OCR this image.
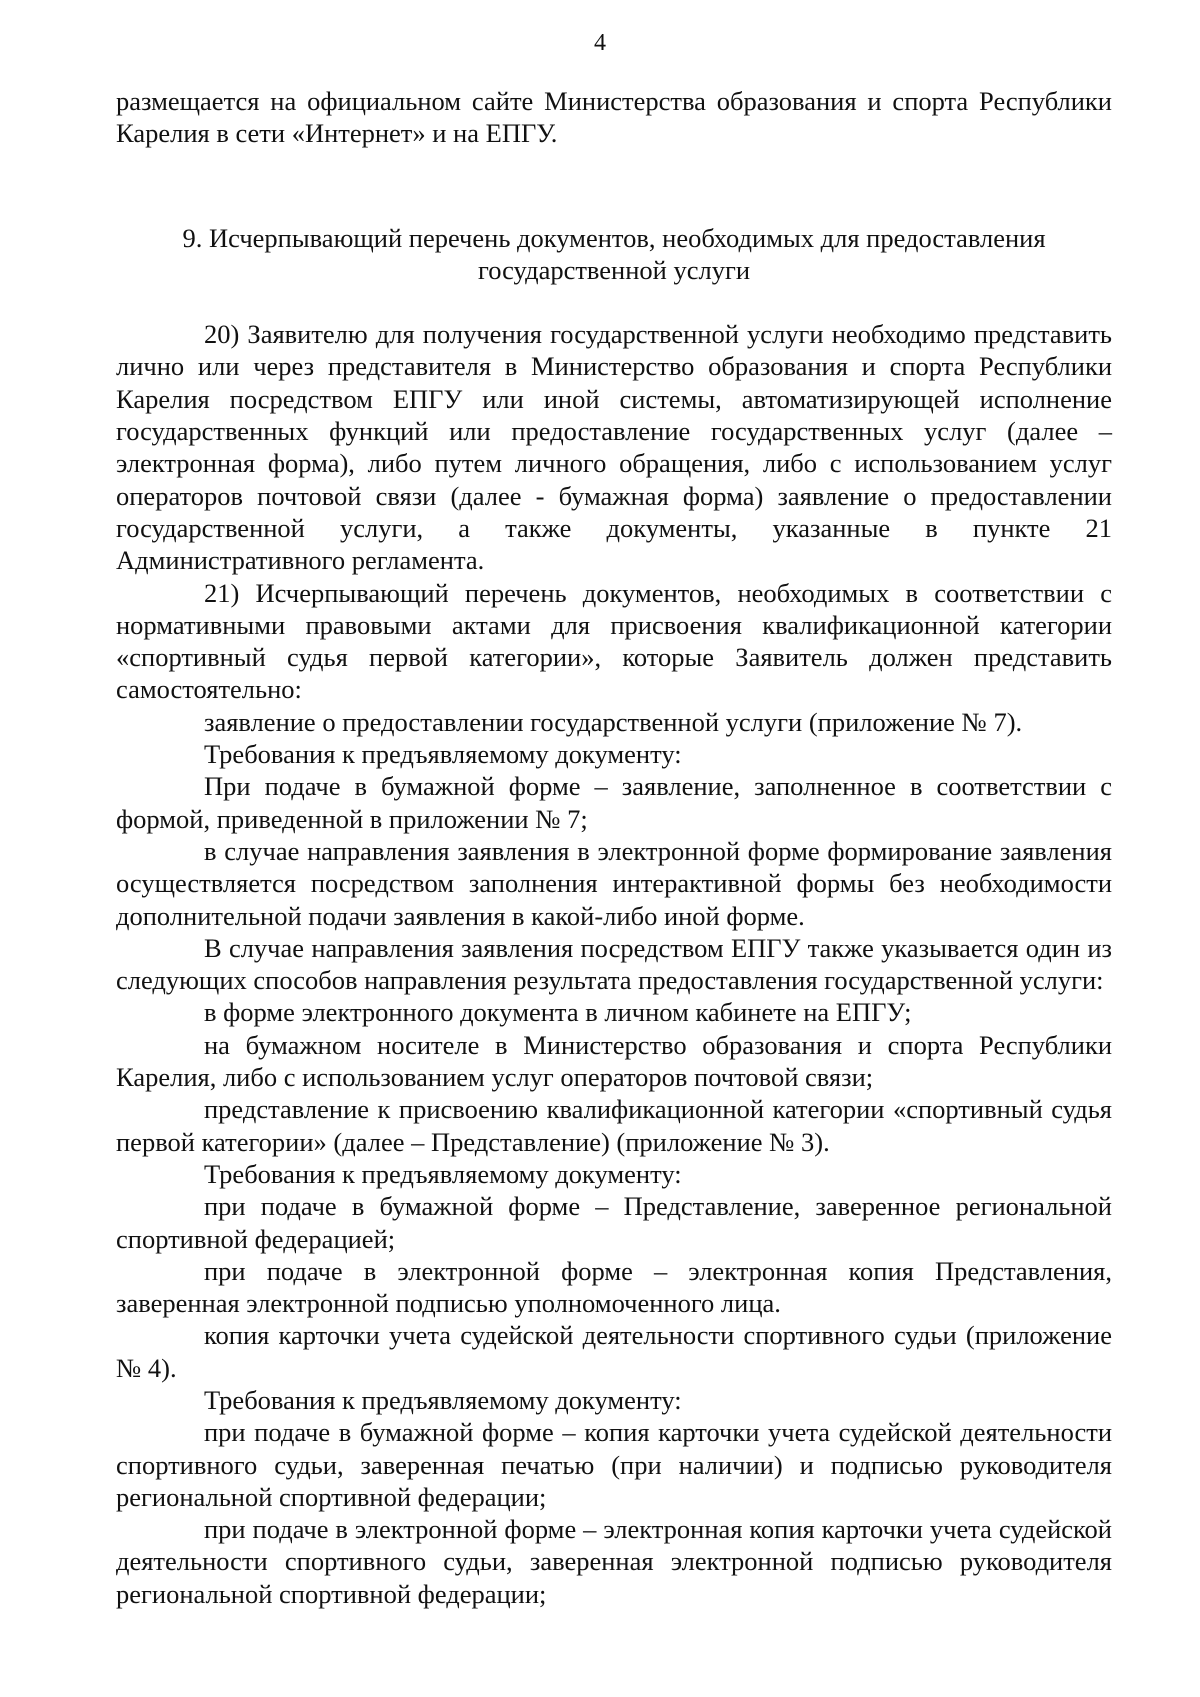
4

размещается на официальном сайте Министерства образования и спорта Республики Карелия в сети «Интернет» и на ЕПГУ.

9. Исчерпывающий перечень документов, необходимых для предоставления
государственной услуги

20) Заявителю для получения государственной услуги необходимо представить лично или через представителя в Министерство образования и спорта Республики Карелия посредством ЕПГУ или иной системы, автоматизирующей исполнение государственных функций или предоставление государственных услуг (далее – электронная форма), либо путем личного обращения, либо с использованием услуг операторов почтовой связи (далее - бумажная форма) заявление о предоставлении государственной услуги, а также документы, указанные в пункте 21 Административного регламента.

21) Исчерпывающий перечень документов, необходимых в соответствии с нормативными правовыми актами для присвоения квалификационной категории «спортивный судья первой категории», которые Заявитель должен представить самостоятельно:

заявление о предоставлении государственной услуги (приложение № 7).

Требования к предъявляемому документу:

При подаче в бумажной форме – заявление, заполненное в соответствии с формой, приведенной в приложении № 7;

в случае направления заявления в электронной форме формирование заявления осуществляется посредством заполнения интерактивной формы без необходимости дополнительной подачи заявления в какой-либо иной форме.

В случае направления заявления посредством ЕПГУ также указывается один из следующих способов направления результата предоставления государственной услуги:

в форме электронного документа в личном кабинете на ЕПГУ;

на бумажном носителе в Министерство образования и спорта Республики Карелия, либо с использованием услуг операторов почтовой связи;

представление к присвоению квалификационной категории «спортивный судья первой категории» (далее – Представление) (приложение № 3).

Требования к предъявляемому документу:

при подаче в бумажной форме – Представление, заверенное региональной спортивной федерацией;

при подаче в электронной форме – электронная копия Представления, заверенная электронной подписью уполномоченного лица.

копия карточки учета судейской деятельности спортивного судьи (приложение № 4).

Требования к предъявляемому документу:

при подаче в бумажной форме – копия карточки учета судейской деятельности спортивного судьи, заверенная печатью (при наличии) и подписью руководителя региональной спортивной федерации;

при подаче в электронной форме – электронная копия карточки учета судейской деятельности спортивного судьи, заверенная электронной подписью руководителя региональной спортивной федерации;
